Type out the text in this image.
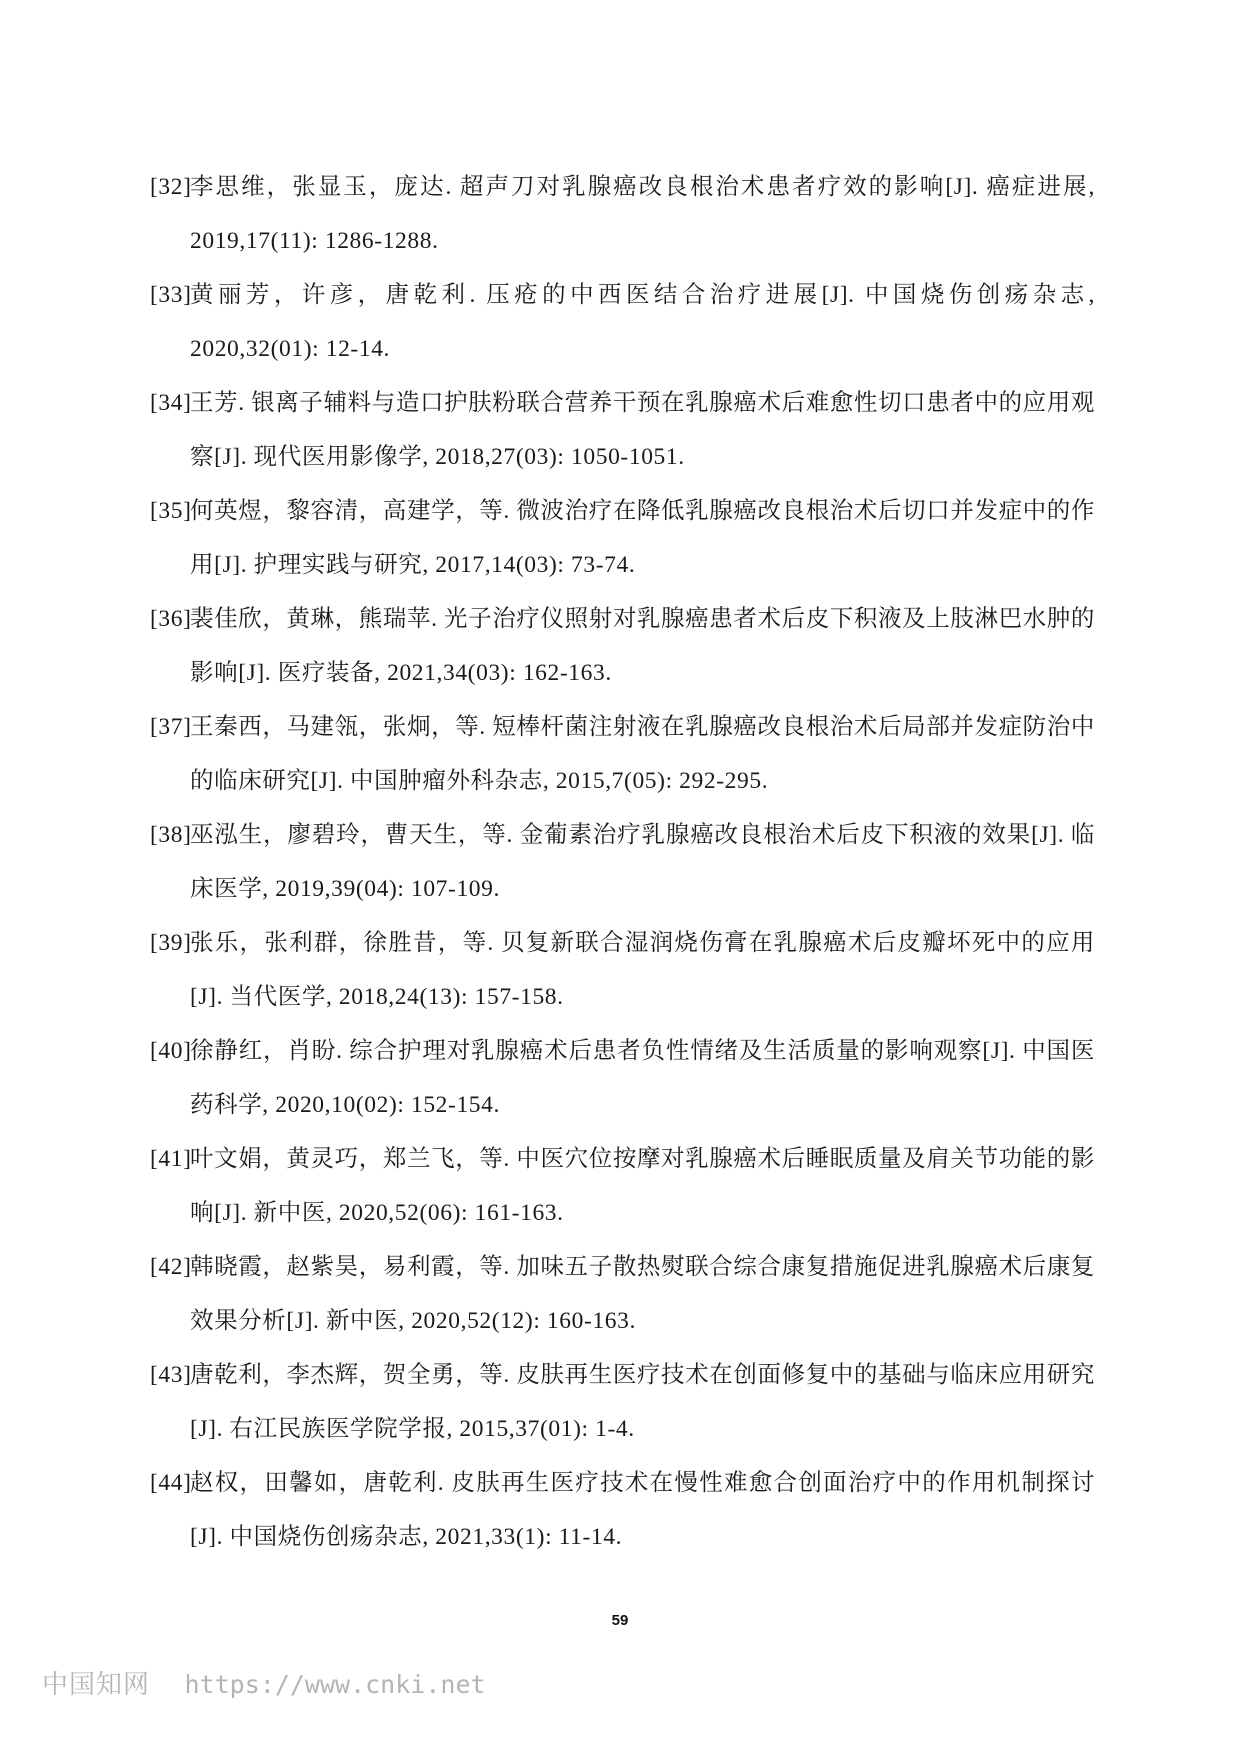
[32]
李思维，张显玉，庞达. 超声刀对乳腺癌改良根治术患者疗效的影响[J]. 癌症进展, 2019,17(11): 1286-1288.
[33]
黄丽芳，许彦，唐乾利. 压疮的中西医结合治疗进展[J]. 中国烧伤创疡杂志, 2020,32(01): 12-14.
[34]
王芳. 银离子辅料与造口护肤粉联合营养干预在乳腺癌术后难愈性切口患者中的应用观察[J]. 现代医用影像学, 2018,27(03): 1050-1051.
[35]
何英煜，黎容清，高建学，等. 微波治疗在降低乳腺癌改良根治术后切口并发症中的作用[J]. 护理实践与研究, 2017,14(03): 73-74.
[36]
裴佳欣，黄琳，熊瑞苹. 光子治疗仪照射对乳腺癌患者术后皮下积液及上肢淋巴水肿的影响[J]. 医疗装备, 2021,34(03): 162-163.
[37]
王秦西，马建瓴，张炯，等. 短棒杆菌注射液在乳腺癌改良根治术后局部并发症防治中的临床研究[J]. 中国肿瘤外科杂志, 2015,7(05): 292-295.
[38]
巫泓生，廖碧玲，曹天生，等. 金葡素治疗乳腺癌改良根治术后皮下积液的效果[J]. 临床医学, 2019,39(04): 107-109.
[39]
张乐，张利群，徐胜昔，等. 贝复新联合湿润烧伤膏在乳腺癌术后皮瓣坏死中的应用[J]. 当代医学, 2018,24(13): 157-158.
[40]
徐静红，肖盼. 综合护理对乳腺癌术后患者负性情绪及生活质量的影响观察[J]. 中国医药科学, 2020,10(02): 152-154.
[41]
叶文娟，黄灵巧，郑兰飞，等. 中医穴位按摩对乳腺癌术后睡眠质量及肩关节功能的影响[J]. 新中医, 2020,52(06): 161-163.
[42]
韩晓霞，赵紫昊，易利霞，等. 加味五子散热熨联合综合康复措施促进乳腺癌术后康复效果分析[J]. 新中医, 2020,52(12): 160-163.
[43]
唐乾利，李杰辉，贺全勇，等. 皮肤再生医疗技术在创面修复中的基础与临床应用研究[J]. 右江民族医学院学报, 2015,37(01): 1-4.
[44]
赵权，田馨如，唐乾利. 皮肤再生医疗技术在慢性难愈合创面治疗中的作用机制探讨[J]. 中国烧伤创疡杂志, 2021,33(1): 11-14.
59
中国知网 https://www.cnki.net
